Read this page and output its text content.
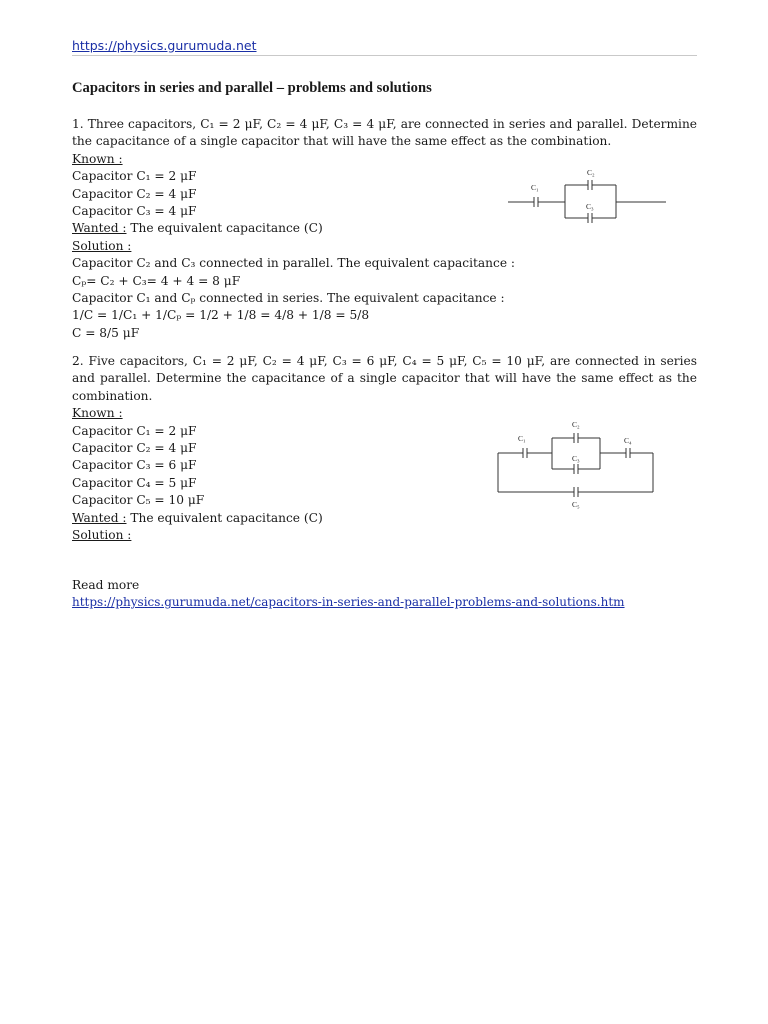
https://physics.gurumuda.net
Capacitors in series and parallel – problems and solutions

1. Three capacitors, C₁ = 2 μF, C₂ = 4 μF, C₃ = 4 μF, are connected in series and parallel. Determine the capacitance of a single capacitor that will have the same effect as the combination.

Known :
Capacitor C₁ = 2 μF
Capacitor C₂ = 4 μF
Capacitor C₃ = 4 μF
Wanted : The equivalent capacitance (C)
Solution :
Capacitor C₂ and C₃ connected in parallel. The equivalent capacitance :
Cₚ= C₂ + C₃= 4 + 4 = 8 μF
Capacitor C₁ and Cₚ connected in series. The equivalent capacitance :
1/C = 1/C₁ + 1/Cₚ = 1/2 + 1/8 = 4/8 + 1/8 = 5/8
C = 8/5 μF
C₁
C₂
C₃

2. Five capacitors, C₁ = 2 μF, C₂ = 4 μF, C₃ = 6 μF, C₄ = 5 μF, C₅ = 10 μF, are connected in series and parallel. Determine the capacitance of a single capacitor that will have the same effect as the combination.

Known :
Capacitor C₁ = 2 μF
Capacitor C₂ = 4 μF
Capacitor C₃ = 6 μF
Capacitor C₄ = 5 μF
Capacitor C₅ = 10 μF
Wanted : The equivalent capacitance (C)
Solution :
C₁
C₂
C₃
C₄
C₅

Read more

https://physics.gurumuda.net/capacitors-in-series-and-parallel-problems-and-solutions.htm
